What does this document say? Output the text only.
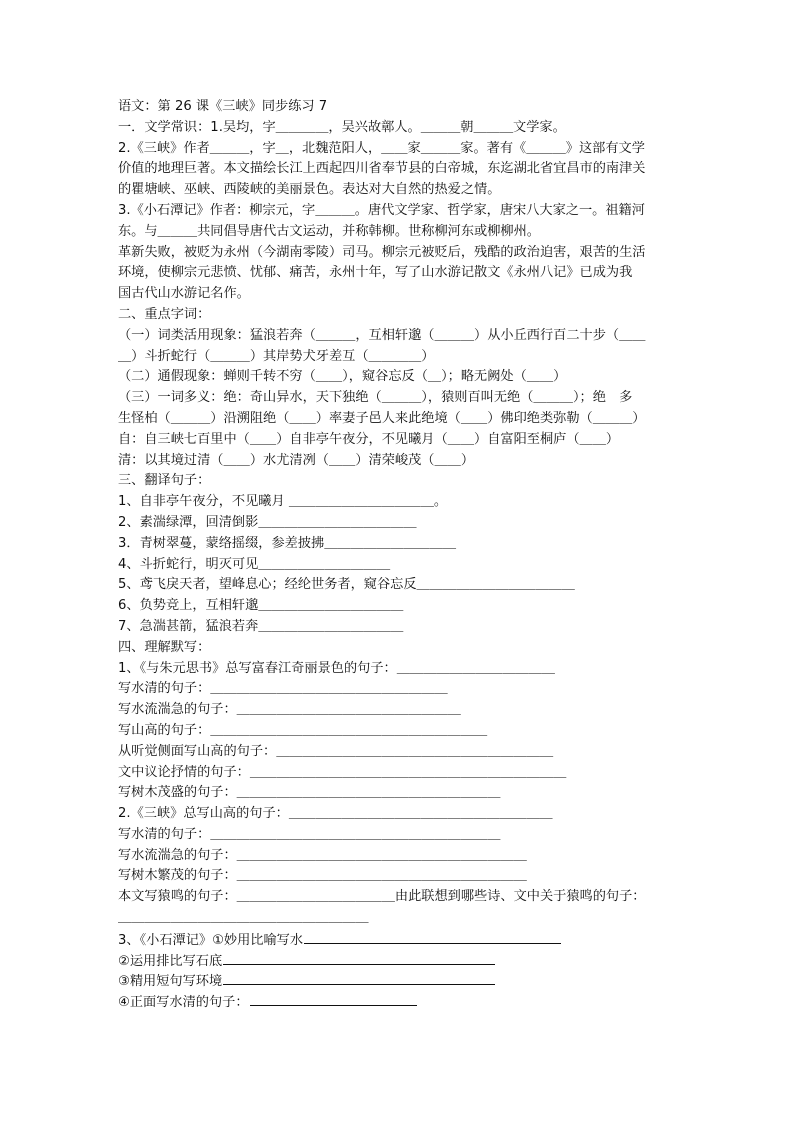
语文：第 26 课《三峡》同步练习 7
一．文学常识：1.吴均，字＿＿＿＿，吴兴故鄣人。＿＿＿朝＿＿＿文学家。
2.《三峡》作者＿＿＿，字＿，北魏范阳人，＿＿家＿＿＿家。著有《＿＿＿》这部有文学
价值的地理巨著。本文描绘长江上西起四川省奉节县的白帝城，东迄湖北省宜昌市的南津关
的瞿塘峡、巫峡、西陵峡的美丽景色。表达对大自然的热爱之情。
3.《小石潭记》作者：柳宗元，字＿＿＿。唐代文学家、哲学家，唐宋八大家之一。祖籍河
东。与＿＿＿共同倡导唐代古文运动，并称韩柳。世称柳河东或柳柳州。
革新失败，被贬为永州（今湖南零陵）司马。柳宗元被贬后，残酷的政治迫害，艰苦的生活
环境，使柳宗元悲愤、忧郁、痛苦，永州十年，写了山水游记散文《永州八记》已成为我
国古代山水游记名作。
二、重点字词：
（一）词类活用现象：猛浪若奔（＿＿＿，互相轩邈（＿＿＿）从小丘西行百二十步（＿＿
＿）斗折蛇行（＿＿＿）其岸势犬牙差互（＿＿＿＿）
（二）通假现象：蝉则千转不穷（＿＿），窥谷忘反（＿）；略无阙处（＿＿）
（三）一词多义：绝：奇山异水，天下独绝（＿＿＿），猿则百叫无绝（＿＿＿）；绝　多
生怪柏（＿＿＿）沿溯阻绝（＿＿）率妻子邑人来此绝境（＿＿）佛印绝类弥勒（＿＿＿）
自：自三峡七百里中（＿＿）自非亭午夜分，不见曦月（＿＿）自富阳至桐庐（＿＿）
清：以其境过清（＿＿）水尤清冽（＿＿）清荣峻茂（＿＿）
三、翻译句子：
1、自非亭午夜分，不见曦月 ＿＿＿＿＿＿＿＿＿＿＿。
2、素湍绿潭，回清倒影＿＿＿＿＿＿＿＿＿＿＿＿
3．青树翠蔓，蒙络摇缀，参差披拂＿＿＿＿＿＿＿＿＿＿
4、斗折蛇行，明灭可见＿＿＿＿＿＿＿＿＿＿
5、鸢飞戾天者，望峰息心；经纶世务者，窥谷忘反＿＿＿＿＿＿＿＿＿＿＿＿
6、负势竞上，互相轩邈＿＿＿＿＿＿＿＿＿＿＿
7、急湍甚箭，猛浪若奔＿＿＿＿＿＿＿＿＿＿＿
四、理解默写：
1、《与朱元思书》总写富春江奇丽景色的句子：＿＿＿＿＿＿＿＿＿＿＿＿
写水清的句子：＿＿＿＿＿＿＿＿＿＿＿＿＿＿＿＿＿＿
写水流湍急的句子：＿＿＿＿＿＿＿＿＿＿＿＿＿＿＿＿＿
写山高的句子：＿＿＿＿＿＿＿＿＿＿＿＿＿＿＿＿＿＿＿＿＿
从听觉侧面写山高的句子：＿＿＿＿＿＿＿＿＿＿＿＿＿＿＿＿＿＿＿＿＿
文中议论抒情的句子：＿＿＿＿＿＿＿＿＿＿＿＿＿＿＿＿＿＿＿＿＿＿＿＿
写树木茂盛的句子：＿＿＿＿＿＿＿＿＿＿＿＿＿＿＿＿＿＿＿＿
2.《三峡》总写山高的句子：＿＿＿＿＿＿＿＿＿＿＿＿＿＿＿＿＿＿＿＿
写水清的句子：＿＿＿＿＿＿＿＿＿＿＿＿＿＿＿＿＿＿＿＿＿＿
写水流湍急的句子：＿＿＿＿＿＿＿＿＿＿＿＿＿＿＿＿＿＿＿＿＿＿
写树木繁茂的句子：＿＿＿＿＿＿＿＿＿＿＿＿＿＿＿＿＿＿＿＿＿＿
本文写猿鸣的句子：＿＿＿＿＿＿＿＿＿＿＿＿由此联想到哪些诗、文中关于猿鸣的句子：
＿＿＿＿＿＿＿＿＿＿＿＿＿＿＿＿＿＿＿
3、《小石潭记》①妙用比喻写水
②运用排比写石底
③精用短句写环境
④正面写水清的句子：
